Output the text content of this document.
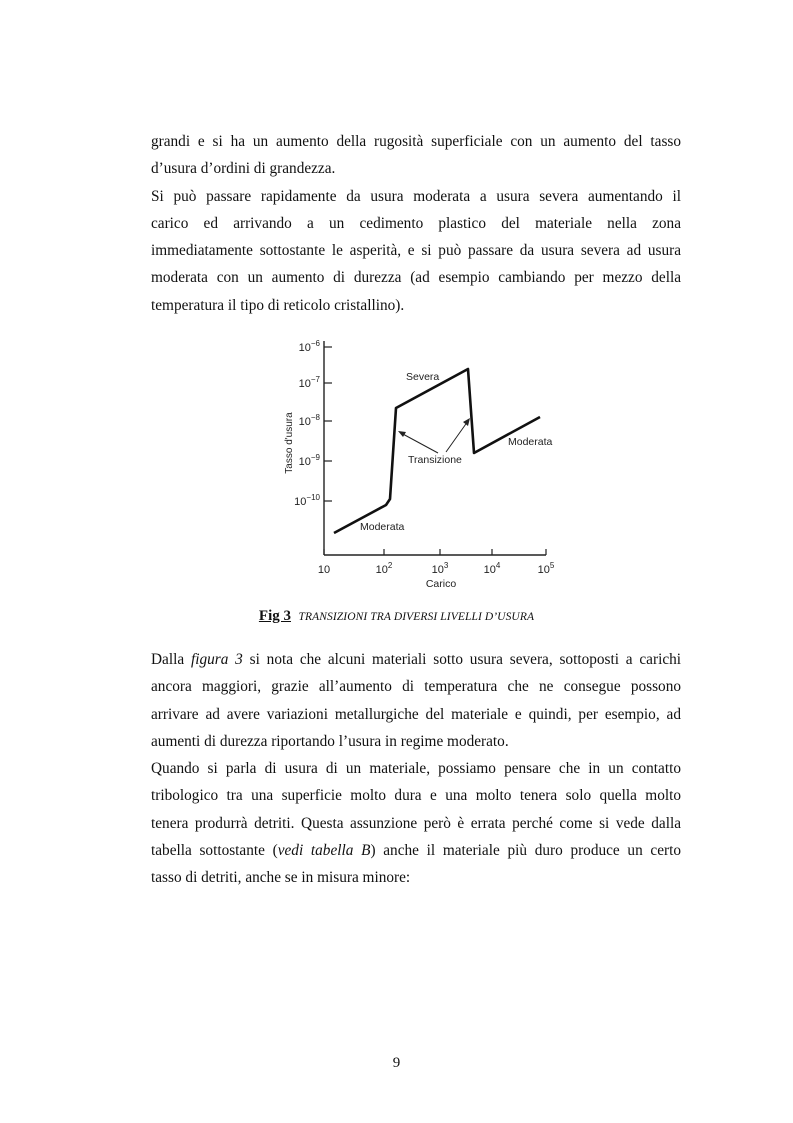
grandi e si ha un aumento della rugosità superficiale con un aumento del tasso
d’usura d’ordini di grandezza.
Si può passare rapidamente da usura moderata a usura severa aumentando il
carico ed arrivando a un cedimento plastico del materiale nella zona
immediatamente sottostante le asperità, e si può passare da usura severa ad usura
moderata con un aumento di durezza (ad esempio cambiando per mezzo della
temperatura il tipo di reticolo cristallino).
10	$10^2$	$10^3$	$10^4$	$10^5$
$10^{-6}$
$10^{-7}$
$10^{-8}$
$10^{-9}$
$10^{-10}$
Carico
Tasso d'usura
Severa
Moderata
Moderata
Transizione
Fig 3 TRANSIZIONI TRA DIVERSI LIVELLI D’USURA
Dalla figura 3 si nota che alcuni materiali sotto usura severa, sottoposti a carichi
ancora maggiori, grazie all’aumento di temperatura che ne consegue possono
arrivare ad avere variazioni metallurgiche del materiale e quindi, per esempio, ad
aumenti di durezza riportando l’usura in regime moderato.
Quando si parla di usura di un materiale, possiamo pensare che in un contatto
tribologico tra una superficie molto dura e una molto tenera solo quella molto
tenera produrrà detriti. Questa assunzione però è errata perché come si vede dalla
tabella sottostante (vedi tabella B) anche il materiale più duro produce un certo
tasso di detriti, anche se in misura minore:
9
